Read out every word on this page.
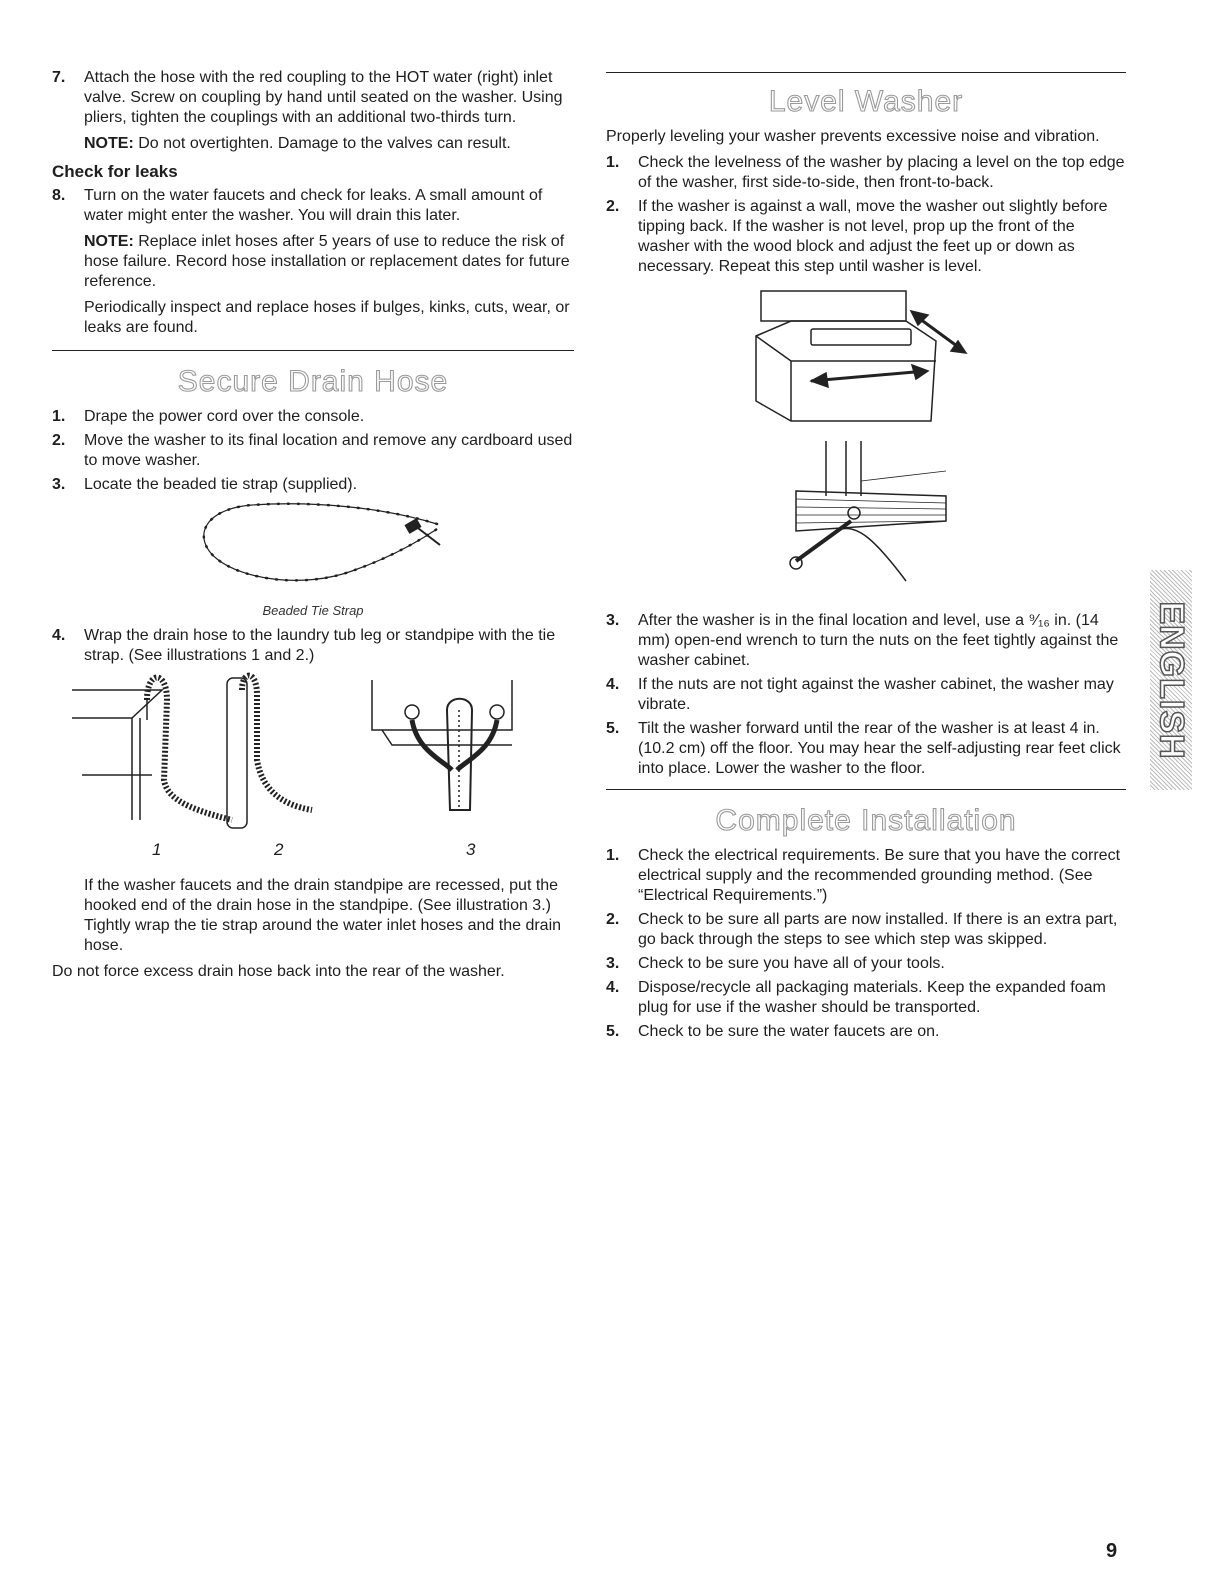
7. Attach the hose with the red coupling to the HOT water (right) inlet valve. Screw on coupling by hand until seated on the washer. Using pliers, tighten the couplings with an additional two-thirds turn.

NOTE: Do not overtighten. Damage to the valves can result.

Check for leaks
8. Turn on the water faucets and check for leaks. A small amount of water might enter the washer. You will drain this later.

NOTE: Replace inlet hoses after 5 years of use to reduce the risk of hose failure. Record hose installation or replacement dates for future reference.

Periodically inspect and replace hoses if bulges, kinks, cuts, wear, or leaks are found.

Secure Drain Hose
1. Drape the power cord over the console.
2. Move the washer to its final location and remove any cardboard used to move washer.
3. Locate the beaded tie strap (supplied).
Beaded Tie Strap
4. Wrap the drain hose to the laundry tub leg or standpipe with the tie strap. (See illustrations 1 and 2.)
1	2	3

If the washer faucets and the drain standpipe are recessed, put the hooked end of the drain hose in the standpipe. (See illustration 3.) Tightly wrap the tie strap around the water inlet hoses and the drain hose.

Do not force excess drain hose back into the rear of the washer.

Level Washer

Properly leveling your washer prevents excessive noise and vibration.

1. Check the levelness of the washer by placing a level on the top edge of the washer, first side-to-side, then front-to-back.
2. If the washer is against a wall, move the washer out slightly before tipping back. If the washer is not level, prop up the front of the washer with the wood block and adjust the feet up or down as necessary. Repeat this step until washer is level.
3. After the washer is in the final location and level, use a ⁹⁄₁₆ in. (14 mm) open-end wrench to turn the nuts on the feet tightly against the washer cabinet.
4. If the nuts are not tight against the washer cabinet, the washer may vibrate.
5. Tilt the washer forward until the rear of the washer is at least 4 in. (10.2 cm) off the floor. You may hear the self-adjusting rear feet click into place. Lower the washer to the floor.
Complete Installation
1. Check the electrical requirements. Be sure that you have the correct electrical supply and the recommended grounding method. (See “Electrical Requirements.”)
2. Check to be sure all parts are now installed. If there is an extra part, go back through the steps to see which step was skipped.
3. Check to be sure you have all of your tools.
4. Dispose/recycle all packaging materials. Keep the expanded foam plug for use if the washer should be transported.
5. Check to be sure the water faucets are on.
ENGLISH
9
